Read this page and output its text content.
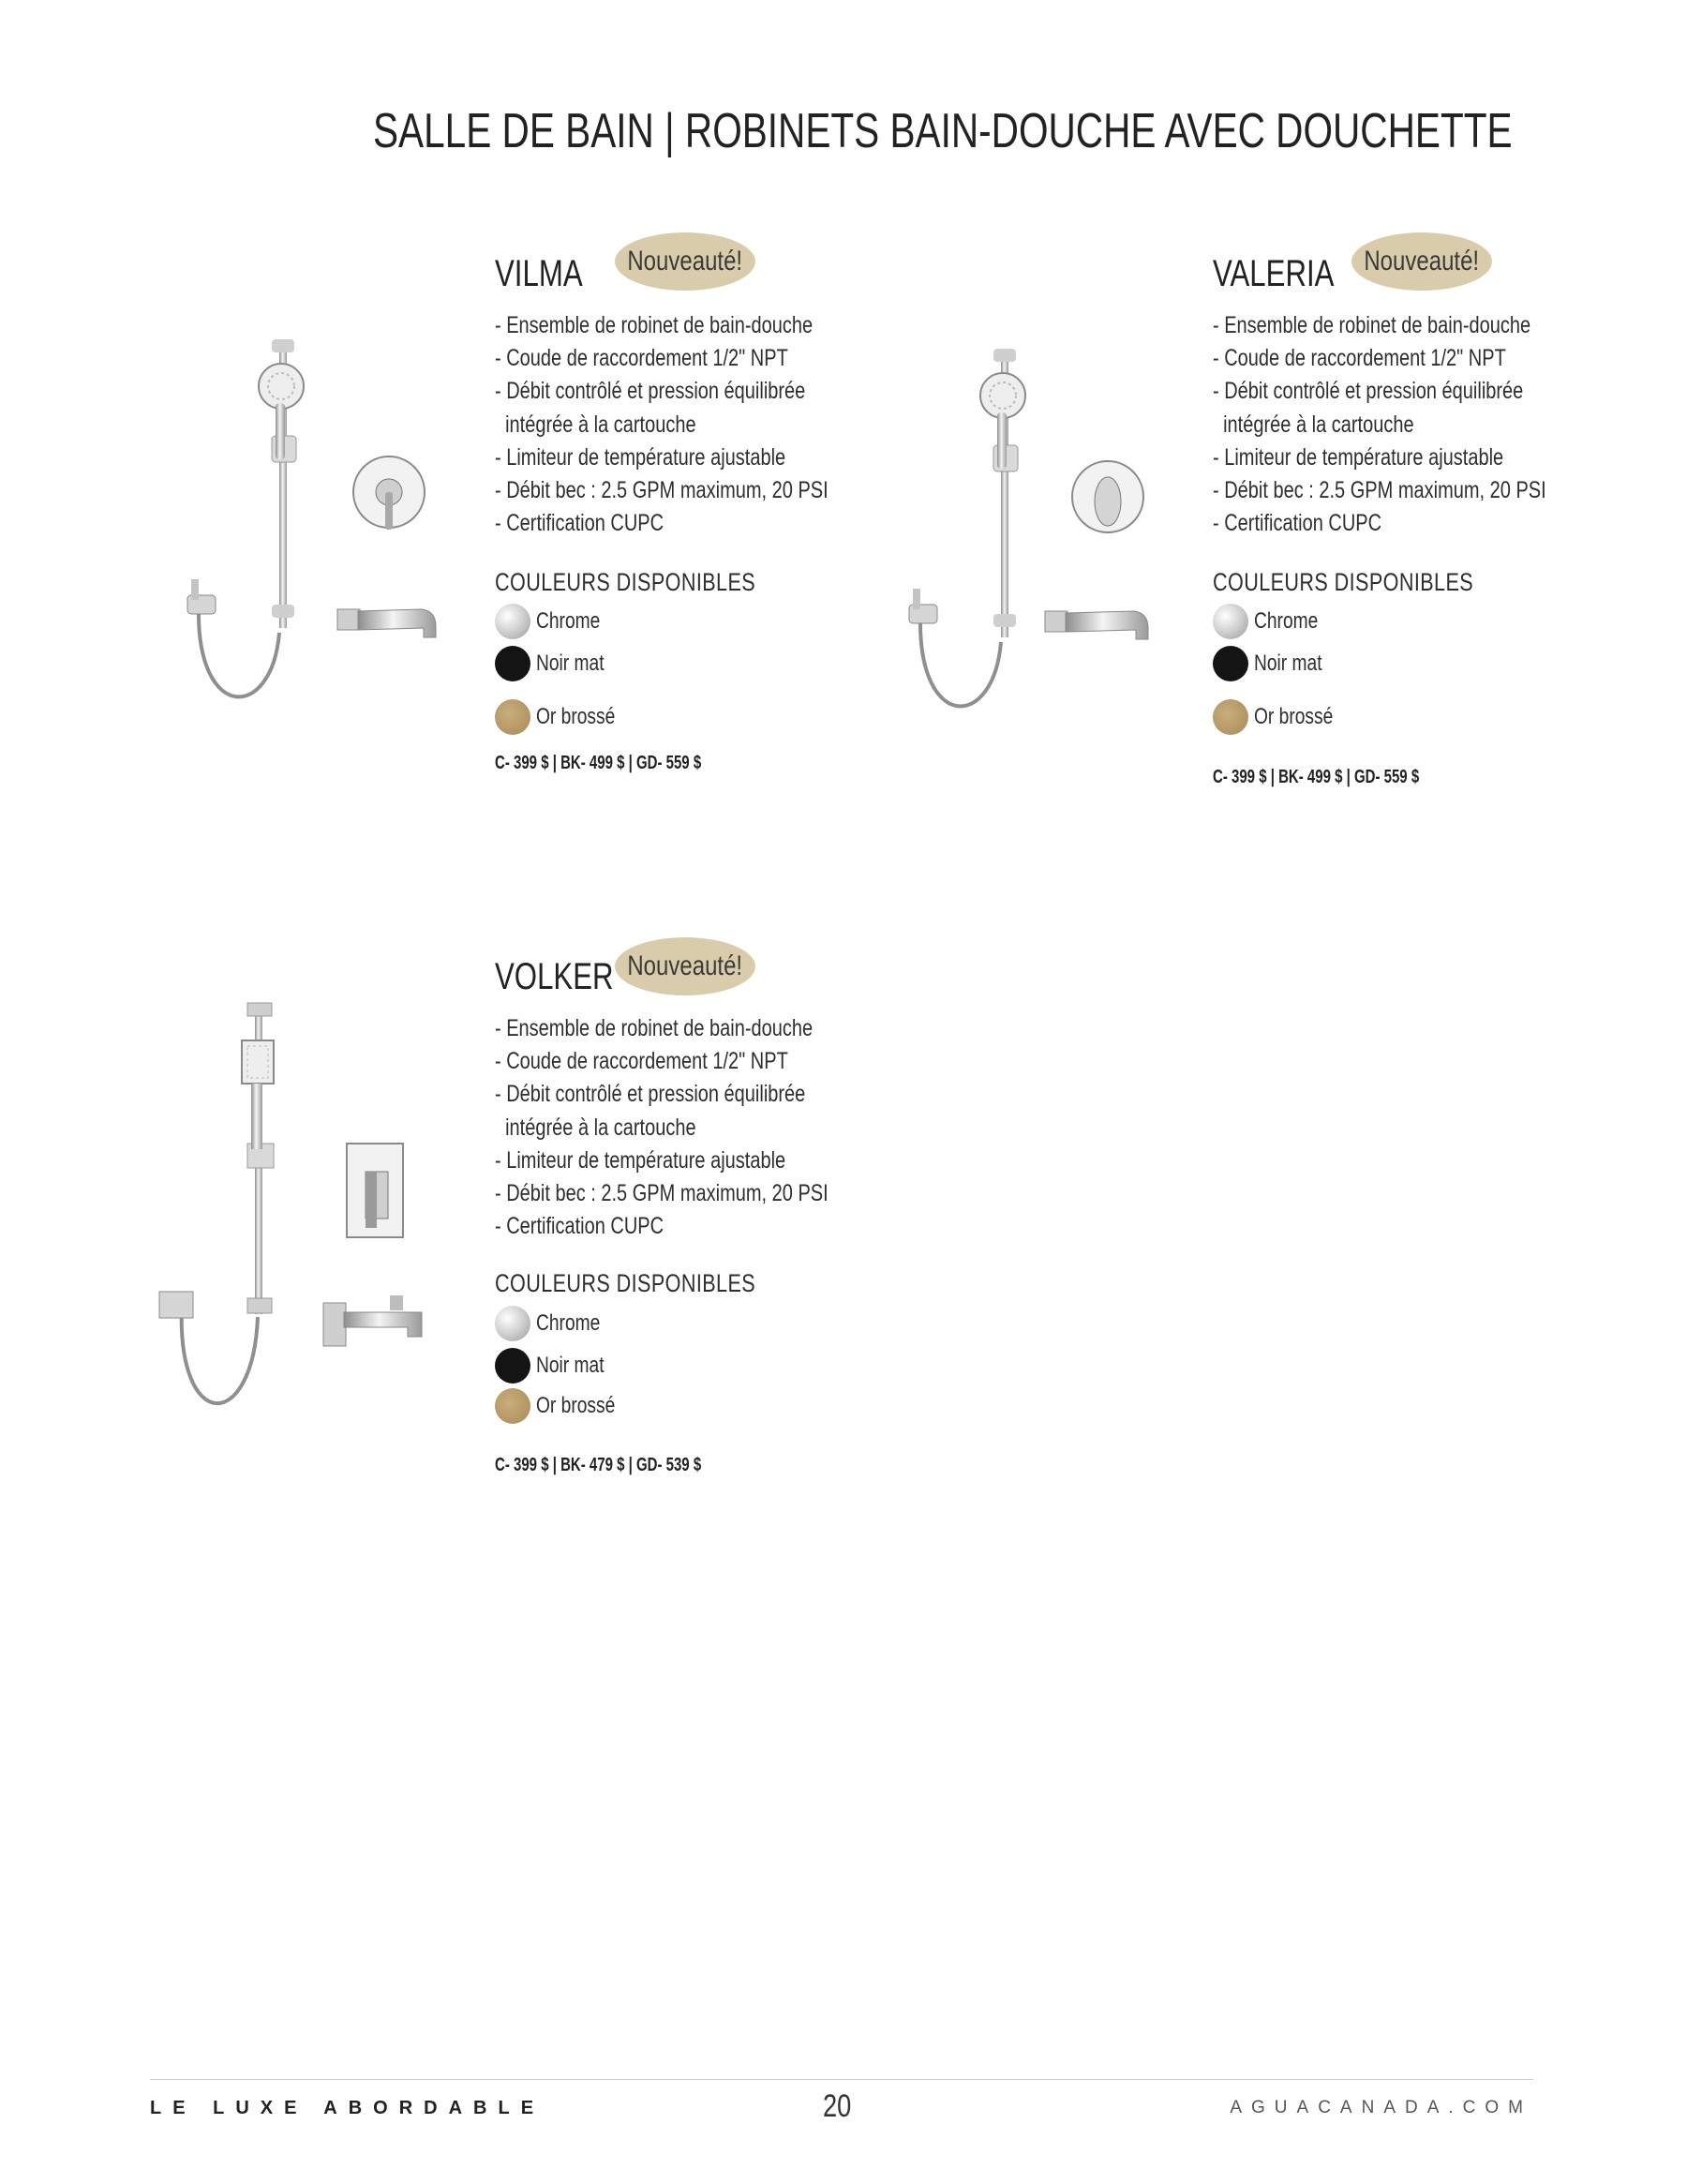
SALLE DE BAIN | ROBINETS BAIN-DOUCHE AVEC DOUCHETTE
VILMA Nouveauté!
- Ensemble de robinet de bain-douche
- Coude de raccordement 1/2" NPT
- Débit contrôlé et pression équilibrée
intégrée à la cartouche
- Limiteur de température ajustable
- Débit bec : 2.5 GPM maximum, 20 PSI
- Certification CUPC
COULEURS DISPONIBLES
Chrome
Noir mat
Or brossé
C- 399 $ | BK- 499 $ | GD- 559 $
VALERIA Nouveauté!
- Ensemble de robinet de bain-douche
- Coude de raccordement 1/2" NPT
- Débit contrôlé et pression équilibrée
intégrée à la cartouche
- Limiteur de température ajustable
- Débit bec : 2.5 GPM maximum, 20 PSI
- Certification CUPC
COULEURS DISPONIBLES
Chrome
Noir mat
Or brossé
C- 399 $ | BK- 499 $ | GD- 559 $
VOLKER Nouveauté!
- Ensemble de robinet de bain-douche
- Coude de raccordement 1/2" NPT
- Débit contrôlé et pression équilibrée
intégrée à la cartouche
- Limiteur de température ajustable
- Débit bec : 2.5 GPM maximum, 20 PSI
- Certification CUPC
COULEURS DISPONIBLES
Chrome
Noir mat
Or brossé
C- 399 $ | BK- 479 $ | GD- 539 $
LE LUXE ABORDABLE	20	AGUACANADA.COM
